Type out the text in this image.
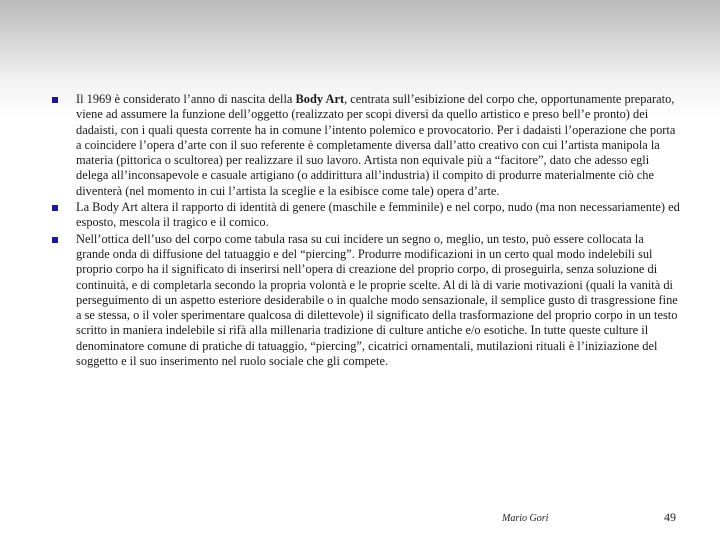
Il 1969 è considerato l’anno di nascita della Body Art, centrata sull’esibizione del corpo che, opportunamente preparato, viene ad assumere la funzione dell’oggetto (realizzato per scopi diversi da quello artistico e preso bell’e pronto) dei dadaisti, con i quali questa corrente ha in comune l’intento polemico e provocatorio. Per i dadaisti l’operazione che porta a coincidere l’opera d’arte con il suo referente è completamente diversa dall’atto creativo con cui l’artista manipola la materia (pittorica o scultorea) per realizzare il suo lavoro. Artista non equivale più a “facitore”, dato che adesso egli delega all’inconsapevole e casuale artigiano (o addirittura all’industria) il compito di produrre materialmente ciò che diventerà (nel momento in cui l’artista la sceglie e la esibisce come tale) opera d’arte.
La Body Art altera il rapporto di identità di genere (maschile e femminile) e nel corpo, nudo (ma non necessariamente) ed esposto, mescola il tragico e il comico.
Nell’ottica dell’uso del corpo come tabula rasa su cui incidere un segno o, meglio, un testo, può essere collocata la grande onda di diffusione del tatuaggio e del “piercing”. Produrre modificazioni in un certo qual modo indelebili sul proprio corpo ha il significato di inserirsi nell’opera di creazione del proprio corpo, di proseguirla, senza soluzione di continuità, e di completarla secondo la propria volontà e le proprie scelte. Al di là di varie motivazioni (quali la vanità di perseguimento di un aspetto esteriore desiderabile o in qualche modo sensazionale, il semplice gusto di trasgressione fine a se stessa, o il voler sperimentare qualcosa di dilettevole) il significato della trasformazione del proprio corpo in un testo scritto in maniera indelebile si rifà alla millenaria tradizione di culture antiche e/o esotiche. In tutte queste culture il denominatore comune di pratiche di tatuaggio, “piercing”, cicatrici ornamentali, mutilazioni rituali è l’iniziazione del soggetto e il suo inserimento nel ruolo sociale che gli compete.
Mario Gori	49
